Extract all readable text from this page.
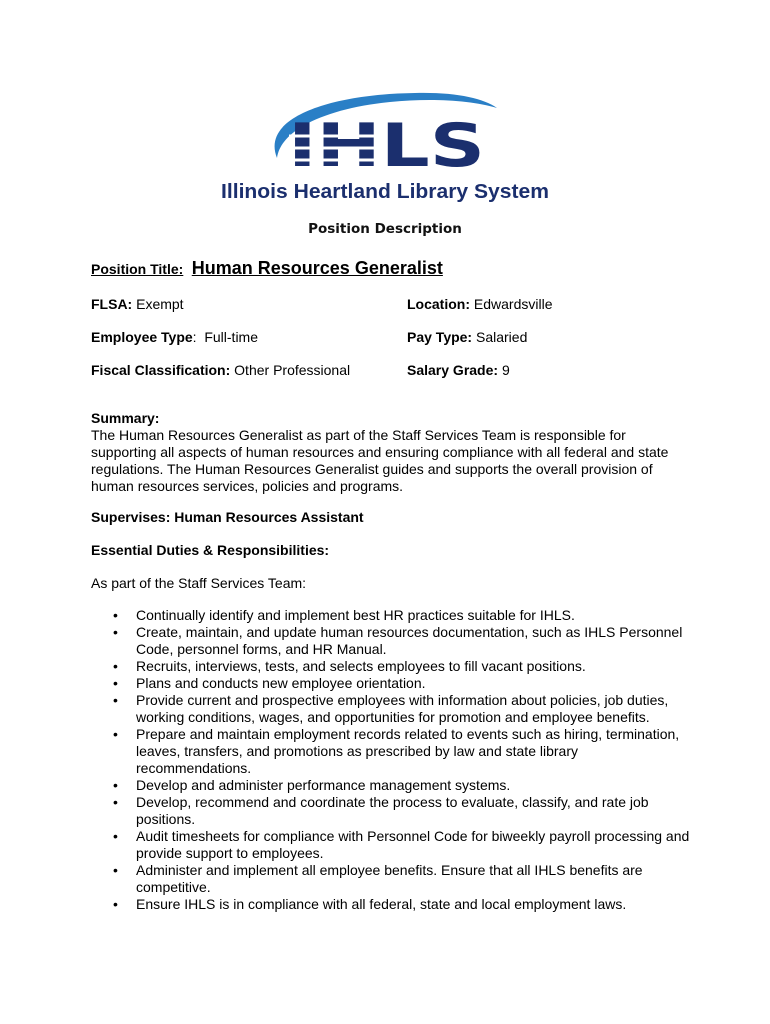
IHLS
Illinois Heartland Library System
Position Description
Position Title: Human Resources Generalist
FLSA: Exempt	Location: Edwardsville
Employee Type:  Full-time	Pay Type: Salaried
Fiscal Classification: Other Professional	Salary Grade: 9
Summary:
The Human Resources Generalist as part of the Staff Services Team is responsible for supporting all aspects of human resources and ensuring compliance with all federal and state regulations. The Human Resources Generalist guides and supports the overall provision of human resources services, policies and programs.
Supervises: Human Resources Assistant
Essential Duties & Responsibilities:
As part of the Staff Services Team:
• Continually identify and implement best HR practices suitable for IHLS.
• Create, maintain, and update human resources documentation, such as IHLS Personnel Code, personnel forms, and HR Manual.
• Recruits, interviews, tests, and selects employees to fill vacant positions.
• Plans and conducts new employee orientation.
• Provide current and prospective employees with information about policies, job duties, working conditions, wages, and opportunities for promotion and employee benefits.
• Prepare and maintain employment records related to events such as hiring, termination, leaves, transfers, and promotions as prescribed by law and state library recommendations.
• Develop and administer performance management systems.
• Develop, recommend and coordinate the process to evaluate, classify, and rate job positions.
• Audit timesheets for compliance with Personnel Code for biweekly payroll processing and provide support to employees.
• Administer and implement all employee benefits. Ensure that all IHLS benefits are competitive.
• Ensure IHLS is in compliance with all federal, state and local employment laws.
